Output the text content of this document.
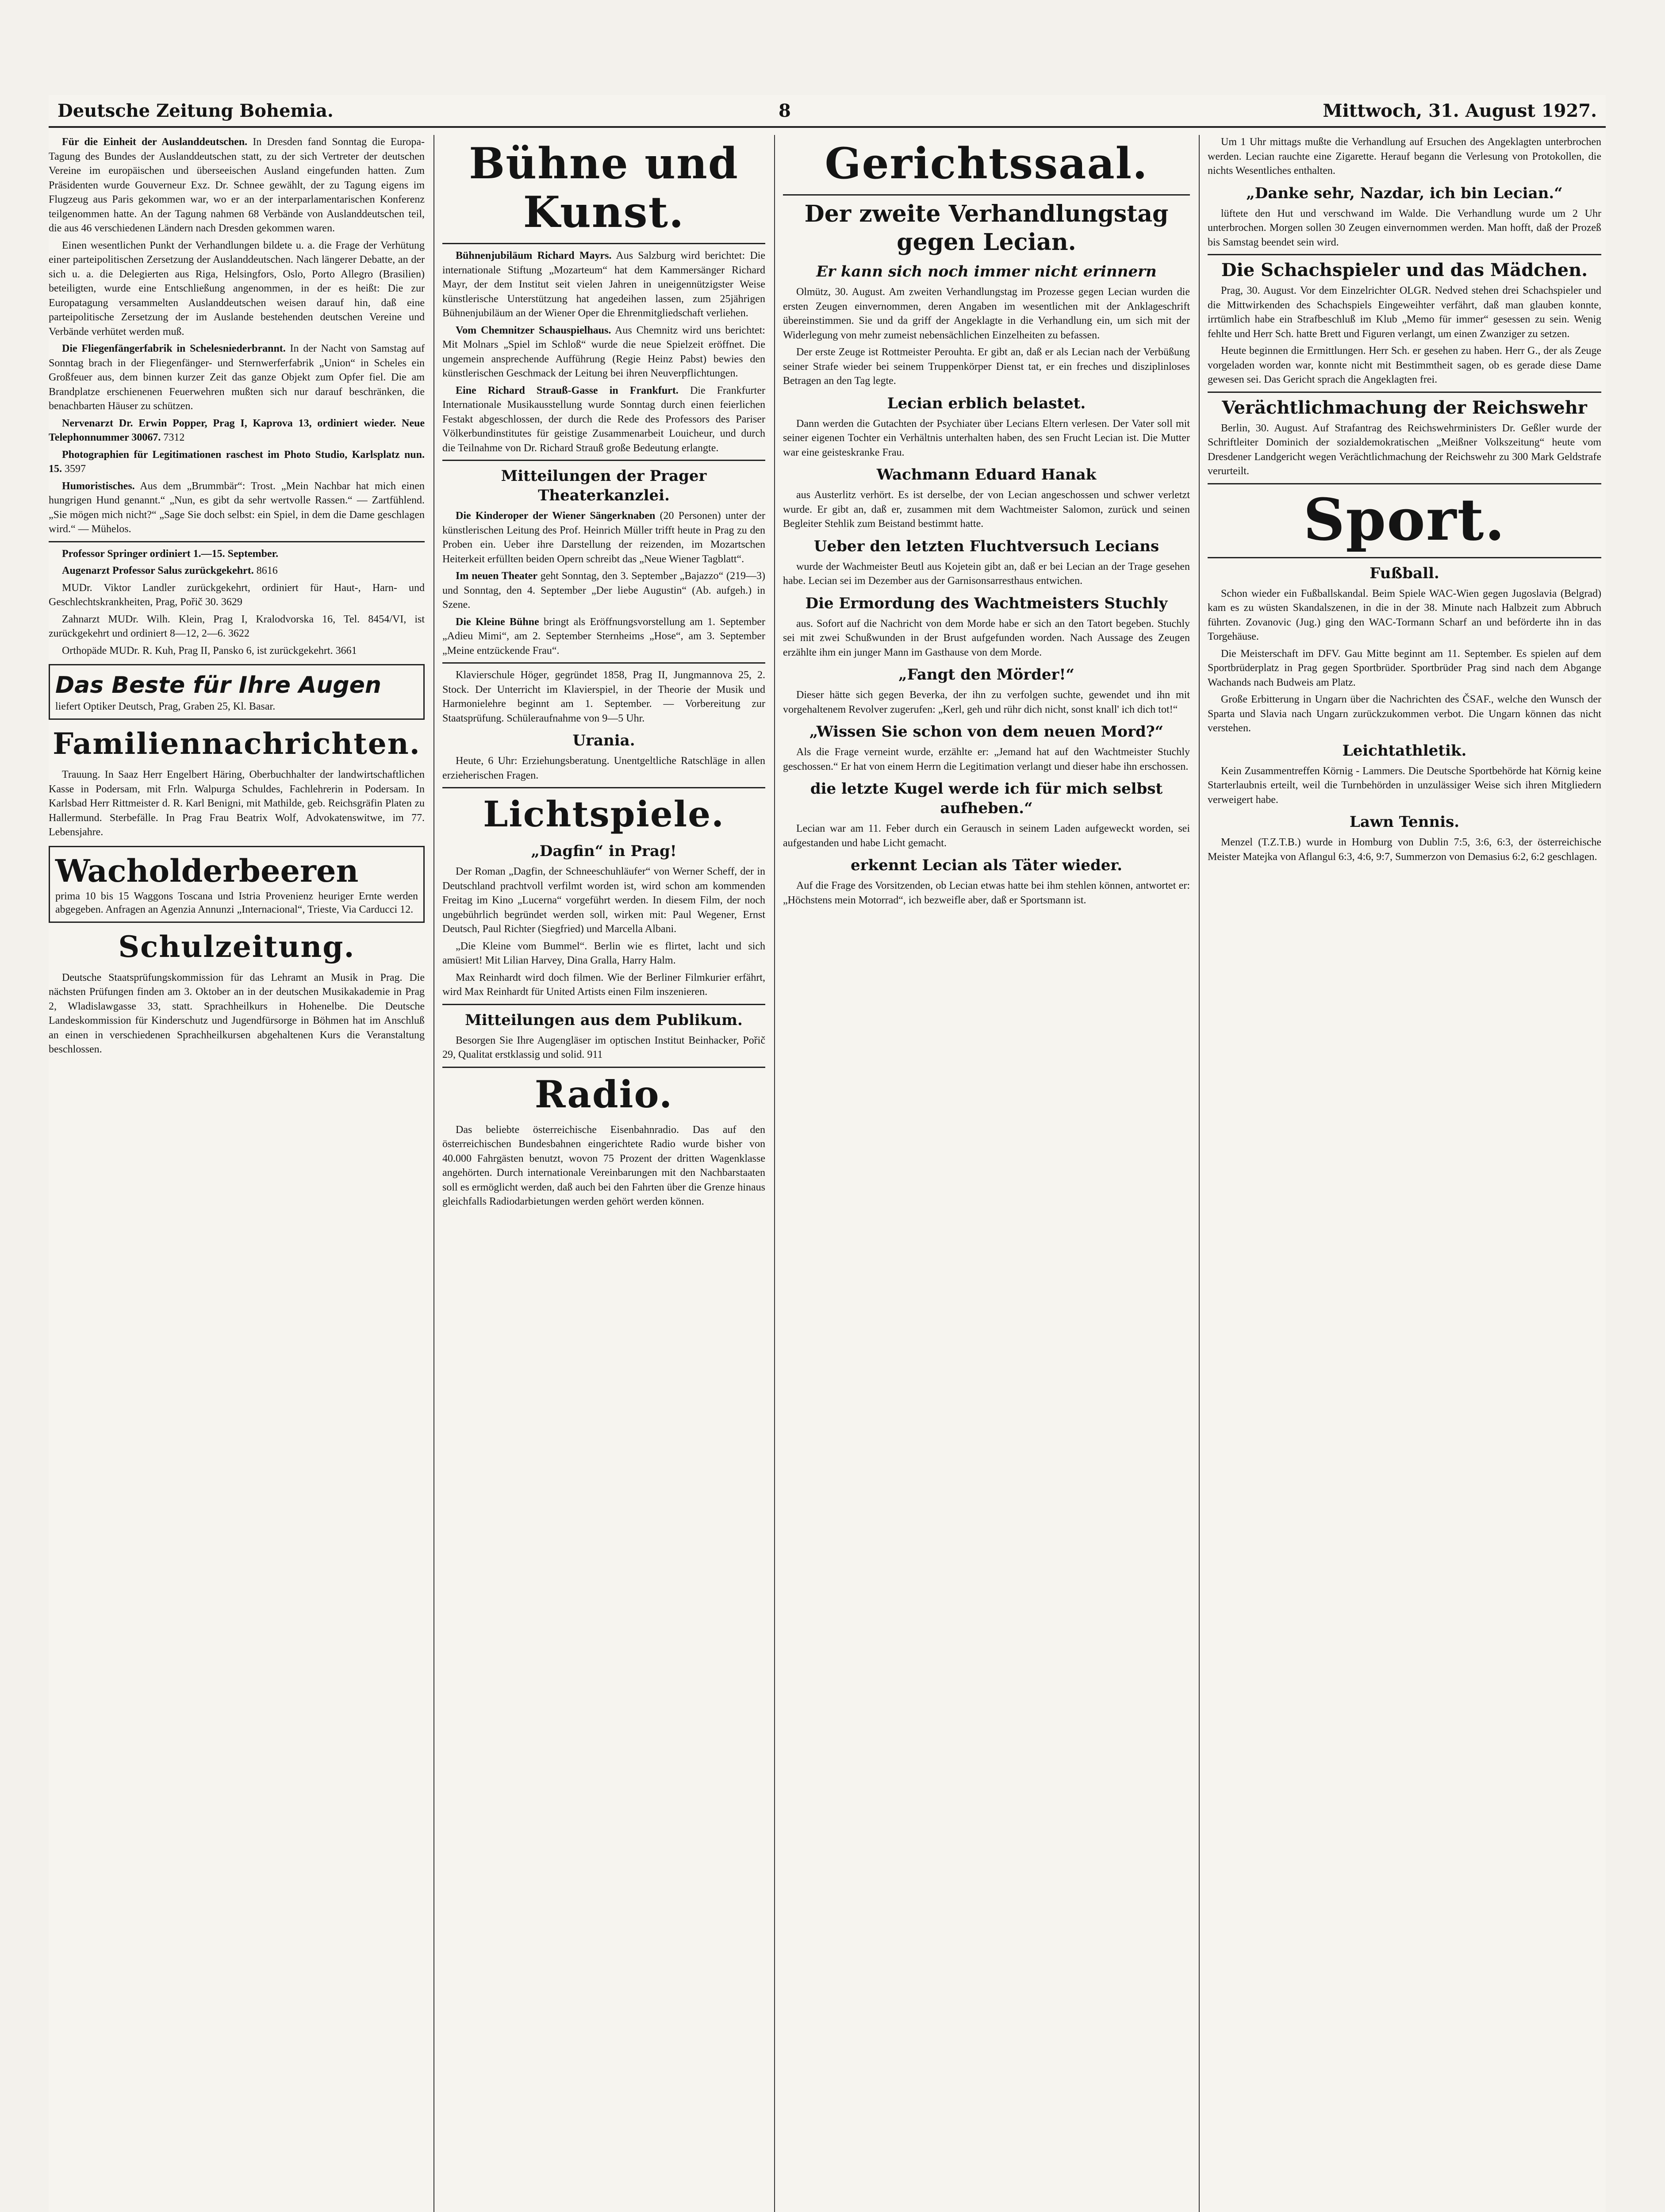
Deutsche Zeitung Bohemia.	8	Mittwoch, 31. August 1927.

Für die Einheit der Auslanddeutschen. In Dresden fand Sonntag die Europa-Tagung des Bundes der Auslanddeutschen statt, zu der sich Vertreter der deutschen Vereine im europäischen und überseeischen Ausland eingefunden hatten. Zum Präsidenten wurde Gouverneur Exz. Dr. Schnee gewählt, der zu Tagung eigens im Flugzeug aus Paris gekommen war, wo er an der interparlamentarischen Konferenz teilgenommen hatte. An der Tagung nahmen 68 Verbände von Auslanddeutschen teil, die aus 46 verschiedenen Ländern nach Dresden gekommen waren.

Einen wesentlichen Punkt der Verhandlungen bildete u. a. die Frage der Verhütung einer parteipolitischen Zersetzung der Auslanddeutschen. Nach längerer Debatte, an der sich u. a. die Delegierten aus Riga, Helsingfors, Oslo, Porto Allegro (Brasilien) beteiligten, wurde eine Entschließung angenommen, in der es heißt: Die zur Europatagung versammelten Auslanddeutschen weisen darauf hin, daß eine parteipolitische Zersetzung der im Auslande bestehenden deutschen Vereine und Verbände verhütet werden muß.

Die Fliegenfängerfabrik in Schelesniederbrannt. In der Nacht von Samstag auf Sonntag brach in der Fliegenfänger- und Sternwerferfabrik „Union“ in Scheles ein Großfeuer aus, dem binnen kurzer Zeit das ganze Objekt zum Opfer fiel. Die am Brandplatze erschienenen Feuerwehren mußten sich nur darauf beschränken, die benachbarten Häuser zu schützen.

Nervenarzt Dr. Erwin Popper, Prag I, Kaprova 13, ordiniert wieder. Neue Telephonnummer 30067. 7312

Photographien für Legitimationen raschest im Photo Studio, Karlsplatz nun. 15. 3597

Humoristisches. Aus dem „Brummbär“: Trost. „Mein Nachbar hat mich einen hungrigen Hund genannt.“ „Nun, es gibt da sehr wertvolle Rassen.“ — Zartfühlend. „Sie mögen mich nicht?“ „Sage Sie doch selbst: ein Spiel, in dem die Dame geschlagen wird.“ — Mühelos.

Professor Springer ordiniert 1.—15. September.

Augenarzt Professor Salus zurückgekehrt. 8616

MUDr. Viktor Landler zurückgekehrt, ordiniert für Haut-, Harn- und Geschlechtskrankheiten, Prag, Pořič 30. 3629

Zahnarzt MUDr. Wilh. Klein, Prag I, Kralodvorska 16, Tel. 8454/VI, ist zurückgekehrt und ordiniert 8—12, 2—6. 3622

Orthopäde MUDr. R. Kuh, Prag II, Pansko 6, ist zurückgekehrt. 3661

Das Beste für Ihre Augen
liefert Optiker Deutsch, Prag, Graben 25, Kl. Basar.
Familiennachrichten.

Trauung. In Saaz Herr Engelbert Häring, Oberbuchhalter der landwirtschaftlichen Kasse in Podersam, mit Frln. Walpurga Schuldes, Fachlehrerin in Podersam. In Karlsbad Herr Rittmeister d. R. Karl Benigni, mit Mathilde, geb. Reichsgräfin Platen zu Hallermund. Sterbefälle. In Prag Frau Beatrix Wolf, Advokatenswitwe, im 77. Lebensjahre.

Wacholderbeeren
prima 10 bis 15 Waggons Toscana und Istria Provenienz heuriger Ernte werden abgegeben. Anfragen an Agenzia Annunzi „Internacional“, Trieste, Via Carducci 12.
Schulzeitung.

Deutsche Staatsprüfungskommission für das Lehramt an Musik in Prag. Die nächsten Prüfungen finden am 3. Oktober an in der deutschen Musikakademie in Prag 2, Wladislawgasse 33, statt. Sprachheilkurs in Hohenelbe. Die Deutsche Landeskommission für Kinderschutz und Jugendfürsorge in Böhmen hat im Anschluß an einen in verschiedenen Sprachheilkursen abgehaltenen Kurs die Veranstaltung beschlossen.

Bühne und Kunst.

Bühnenjubiläum Richard Mayrs. Aus Salzburg wird berichtet: Die internationale Stiftung „Mozarteum“ hat dem Kammersänger Richard Mayr, der dem Institut seit vielen Jahren in uneigennützigster Weise künstlerische Unterstützung hat angedeihen lassen, zum 25jährigen Bühnenjubiläum an der Wiener Oper die Ehrenmitgliedschaft verliehen.

Vom Chemnitzer Schauspielhaus. Aus Chemnitz wird uns berichtet: Mit Molnars „Spiel im Schloß“ wurde die neue Spielzeit eröffnet. Die ungemein ansprechende Aufführung (Regie Heinz Pabst) bewies den künstlerischen Geschmack der Leitung bei ihren Neuverpflichtungen.

Eine Richard Strauß-Gasse in Frankfurt. Die Frankfurter Internationale Musikausstellung wurde Sonntag durch einen feierlichen Festakt abgeschlossen, der durch die Rede des Professors des Pariser Völkerbundinstitutes für geistige Zusammenarbeit Louicheur, und durch die Teilnahme von Dr. Richard Strauß große Bedeutung erlangte.

Mitteilungen der Prager Theaterkanzlei.

Die Kinderoper der Wiener Sängerknaben (20 Personen) unter der künstlerischen Leitung des Prof. Heinrich Müller trifft heute in Prag zu den Proben ein. Ueber ihre Darstellung der reizenden, im Mozartschen Heiterkeit erfüllten beiden Opern schreibt das „Neue Wiener Tagblatt“.

Im neuen Theater geht Sonntag, den 3. September „Bajazzo“ (219—3) und Sonntag, den 4. September „Der liebe Augustin“ (Ab. aufgeh.) in Szene.

Die Kleine Bühne bringt als Eröffnungsvorstellung am 1. September „Adieu Mimi“, am 2. September Sternheims „Hose“, am 3. September „Meine entzückende Frau“.

Klavierschule Höger, gegründet 1858, Prag II, Jungmannova 25, 2. Stock. Der Unterricht im Klavierspiel, in der Theorie der Musik und Harmonielehre beginnt am 1. September. — Vorbereitung zur Staatsprüfung. Schüleraufnahme von 9—5 Uhr.

Urania.

Heute, 6 Uhr: Erziehungsberatung. Unentgeltliche Ratschläge in allen erzieherischen Fragen.

Lichtspiele.
„Dagfin“ in Prag!

Der Roman „Dagfin, der Schneeschuhläufer“ von Werner Scheff, der in Deutschland prachtvoll verfilmt worden ist, wird schon am kommenden Freitag im Kino „Lucerna“ vorgeführt werden. In diesem Film, der noch ungebührlich begründet werden soll, wirken mit: Paul Wegener, Ernst Deutsch, Paul Richter (Siegfried) und Marcella Albani.

„Die Kleine vom Bummel“. Berlin wie es flirtet, lacht und sich amüsiert! Mit Lilian Harvey, Dina Gralla, Harry Halm.

Max Reinhardt wird doch filmen. Wie der Berliner Filmkurier erfährt, wird Max Reinhardt für United Artists einen Film inszenieren.

Mitteilungen aus dem Publikum.

Besorgen Sie Ihre Augengläser im optischen Institut Beinhacker, Pořič 29, Qualitat erstklassig und solid. 911

Radio.

Das beliebte österreichische Eisenbahnradio. Das auf den österreichischen Bundesbahnen eingerichtete Radio wurde bisher von 40.000 Fahrgästen benutzt, wovon 75 Prozent der dritten Wagenklasse angehörten. Durch internationale Vereinbarungen mit den Nachbarstaaten soll es ermöglicht werden, daß auch bei den Fahrten über die Grenze hinaus gleichfalls Radiodarbietungen werden gehört werden können.

Gerichtssaal.
Der zweite Verhandlungstag gegen Lecian.
Er kann sich noch immer nicht erinnern

Olmütz, 30. August. Am zweiten Verhandlungstag im Prozesse gegen Lecian wurden die ersten Zeugen einvernommen, deren Angaben im wesentlichen mit der Anklageschrift übereinstimmen. Sie und da griff der Angeklagte in die Verhandlung ein, um sich mit der Widerlegung von mehr zumeist nebensächlichen Einzelheiten zu befassen.

Der erste Zeuge ist Rottmeister Perouhta. Er gibt an, daß er als Lecian nach der Verbüßung seiner Strafe wieder bei seinem Truppenkörper Dienst tat, er ein freches und disziplinloses Betragen an den Tag legte.

Lecian erblich belastet.

Dann werden die Gutachten der Psychiater über Lecians Eltern verlesen. Der Vater soll mit seiner eigenen Tochter ein Verhältnis unterhalten haben, des sen Frucht Lecian ist. Die Mutter war eine geisteskranke Frau.

Wachmann Eduard Hanak

aus Austerlitz verhört. Es ist derselbe, der von Lecian angeschossen und schwer verletzt wurde. Er gibt an, daß er, zusammen mit dem Wachtmeister Salomon, zurück und seinen Begleiter Stehlik zum Beistand bestimmt hatte.

Ueber den letzten Fluchtversuch Lecians

wurde der Wachmeister Beutl aus Kojetein gibt an, daß er bei Lecian an der Trage gesehen habe. Lecian sei im Dezember aus der Garnisonsarresthaus entwichen.

Die Ermordung des Wachtmeisters Stuchly

aus. Sofort auf die Nachricht von dem Morde habe er sich an den Tatort begeben. Stuchly sei mit zwei Schußwunden in der Brust aufgefunden worden. Nach Aussage des Zeugen erzählte ihm ein junger Mann im Gasthause von dem Morde.

„Fangt den Mörder!“

Dieser hätte sich gegen Beverka, der ihn zu verfolgen suchte, gewendet und ihn mit vorgehaltenem Revolver zugerufen: „Kerl, geh und rühr dich nicht, sonst knall' ich dich tot!“

„Wissen Sie schon von dem neuen Mord?“

Als die Frage verneint wurde, erzählte er: „Jemand hat auf den Wachtmeister Stuchly geschossen.“ Er hat von einem Herrn die Legitimation verlangt und dieser habe ihn erschossen.

die letzte Kugel werde ich für mich selbst aufheben.“

Lecian war am 11. Feber durch ein Gerausch in seinem Laden aufgeweckt worden, sei aufgestanden und habe Licht gemacht.

erkennt Lecian als Täter wieder.

Auf die Frage des Vorsitzenden, ob Lecian etwas hatte bei ihm stehlen können, antwortet er: „Höchstens mein Motorrad“, ich bezweifle aber, daß er Sportsmann ist.

Um 1 Uhr mittags mußte die Verhandlung auf Ersuchen des Angeklagten unterbrochen werden. Lecian rauchte eine Zigarette. Herauf begann die Verlesung von Protokollen, die nichts Wesentliches enthalten.

„Danke sehr, Nazdar, ich bin Lecian.“

lüftete den Hut und verschwand im Walde. Die Verhandlung wurde um 2 Uhr unterbrochen. Morgen sollen 30 Zeugen einvernommen werden. Man hofft, daß der Prozeß bis Samstag beendet sein wird.

Die Schachspieler und das Mädchen.

Prag, 30. August. Vor dem Einzelrichter OLGR. Nedved stehen drei Schachspieler und die Mittwirkenden des Schachspiels Eingeweihter verfährt, daß man glauben konnte, irrtümlich habe ein Strafbeschluß im Klub „Memo für immer“ gesessen zu sein. Wenig fehlte und Herr Sch. hatte Brett und Figuren verlangt, um einen Zwanziger zu setzen.

Heute beginnen die Ermittlungen. Herr Sch. er gesehen zu haben. Herr G., der als Zeuge vorgeladen worden war, konnte nicht mit Bestimmtheit sagen, ob es gerade diese Dame gewesen sei. Das Gericht sprach die Angeklagten frei.

Verächtlichmachung der Reichswehr

Berlin, 30. August. Auf Strafantrag des Reichswehrministers Dr. Geßler wurde der Schriftleiter Dominich der sozialdemokratischen „Meißner Volkszeitung“ heute vom Dresdener Landgericht wegen Verächtlichmachung der Reichswehr zu 300 Mark Geldstrafe verurteilt.

Sport.
Fußball.

Schon wieder ein Fußballskandal. Beim Spiele WAC-Wien gegen Jugoslavia (Belgrad) kam es zu wüsten Skandalszenen, in die in der 38. Minute nach Halbzeit zum Abbruch führten. Zovanovic (Jug.) ging den WAC-Tormann Scharf an und beförderte ihn in das Torgehäuse.

Die Meisterschaft im DFV. Gau Mitte beginnt am 11. September. Es spielen auf dem Sportbrüderplatz in Prag gegen Sportbrüder. Sportbrüder Prag sind nach dem Abgange Wachands nach Budweis am Platz.

Große Erbitterung in Ungarn über die Nachrichten des ČSAF., welche den Wunsch der Sparta und Slavia nach Ungarn zurückzukommen verbot. Die Ungarn können das nicht verstehen.

Leichtathletik.

Kein Zusammentreffen Körnig - Lammers. Die Deutsche Sportbehörde hat Körnig keine Starterlaubnis erteilt, weil die Turnbehörden in unzulässiger Weise sich ihren Mitgliedern verweigert habe.

Lawn Tennis.

Menzel (T.Z.T.B.) wurde in Homburg von Dublin 7:5, 3:6, 6:3, der österreichische Meister Matejka von Aflangul 6:3, 4:6, 9:7, Summerzon von Demasius 6:2, 6:2 geschlagen.
